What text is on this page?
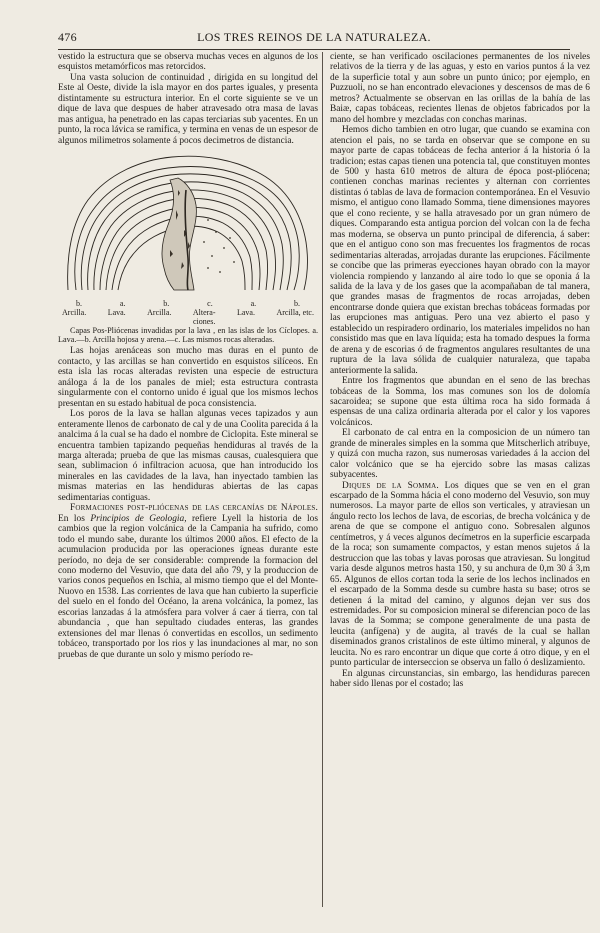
476	LOS TRES REINOS DE LA NATURALEZA.

vestido la estructura que se observa muchas veces en algunos de los esquistos metamórficos mas retorcidos.

Una vasta solucion de continuidad , dirigida en su longitud del Este al Oeste, divide la isla mayor en dos partes iguales, y presenta distintamente su estructura interior. En el corte siguiente se ve un dique de lava que despues de haber atravesado otra masa de lavas mas antigua, ha penetrado en las capas terciarias sub yacentes. En un punto, la roca lávica se ramifica, y termina en venas de un espesor de algunos milimetros solamente á pocos decimetros de distancia.

b.	a.	b.	c.	a.	b.
Arcilla.	Lava.	Arcilla.	Altera-
ciones.
Lava.	Arcilla, etc.

Capas Pos-Pliócenas invadidas por la lava , en las islas de los Cíclopes. a. Lava.—b. Arcilla hojosa y arena.—c. Las mismos rocas alteradas.

Las hojas arenáceas son mucho mas duras en el punto de contacto, y las arcillas se han convertido en esquistos silíceos. En esta isla las rocas alteradas revisten una especie de estructura análoga á la de los panales de miel; esta estructura contrasta singularmente con el contorno unido é igual que los mismos lechos presentan en su estado habitual de poca consistencia.

Los poros de la lava se hallan algunas veces tapizados y aun enteramente llenos de carbonato de cal y de una Coolita parecida á la analcima á la cual se ha dado el nombre de Ciclopita. Este mineral se encuentra tambien tapizando pequeñas hendiduras al través de la marga alterada; prueba de que las mismas causas, cualesquiera que sean, sublimacion ó infiltracion acuosa, que han introducido los minerales en las cavidades de la lava, han inyectado tambien las mismas materias en las hendiduras abiertas de las capas sedimentarias contiguas.

Formaciones post-pliócenas de las cercanías de Nápoles. En los Principios de Geologia, refiere Lyell la historia de los cambios que la region volcánica de la Campania ha sufrido, como todo el mundo sabe, durante los últimos 2000 años. El efecto de la acumulacion producida por las operaciones ígneas durante este período, no deja de ser considerable: comprende la formacion del cono moderno del Vesuvio, que data del año 79, y la produccion de varios conos pequeños en Ischia, al mismo tiempo que el del Monte-Nuovo en 1538. Las corrientes de lava que han cubierto la superficie del suelo en el fondo del Océano, la arena volcánica, la pomez, las escorias lanzadas á la atmósfera para volver á caer á tierra, con tal abundancia , que han sepultado ciudades enteras, las grandes extensiones del mar llenas ó convertidas en escollos, un sedimento tobáceo, transportado por los rios y las inundaciones al mar, no son pruebas de que durante un solo y mismo período re-

ciente, se han verificado oscilaciones permanentes de los niveles relativos de la tierra y de las aguas, y esto en varios puntos á la vez de la superficie total y aun sobre un punto único; por ejemplo, en Puzzuoli, no se han encontrado elevaciones y descensos de mas de 6 metros? Actualmente se observan en las orillas de la bahía de las Baiæ, capas tobáceas, recientes llenas de objetos fabricados por la mano del hombre y mezcladas con conchas marinas.

Hemos dicho tambien en otro lugar, que cuando se examina con atencion el pais, no se tarda en observar que se compone en su mayor parte de capas tobáceas de fecha anterior á la historia ó la tradicion; estas capas tienen una potencia tal, que constituyen montes de 500 y hasta 610 metros de altura de época post-pliócena; contienen conchas marinas recientes y alternan con corrientes distintas ó tablas de lava de formacion contemporánea. En el Vesuvio mismo, el antiguo cono llamado Somma, tiene dimensiones mayores que el cono reciente, y se halla atravesado por un gran número de diques. Comparando esta antigua porcion del volcan con la de fecha mas moderna, se observa un punto principal de diferencia, á saber: que en el antiguo cono son mas frecuentes los fragmentos de rocas sedimentarias alteradas, arrojadas durante las erupciones. Fácilmente se concibe que las primeras eyecciones hayan obrado con la mayor violencia rompiendo y lanzando al aire todo lo que se oponia á la salida de la lava y de los gases que la acompañaban de tal manera, que grandes masas de fragmentos de rocas arrojadas, deben encontrarse donde quiera que existan brechas tobáceas formadas por las erupciones mas antiguas. Pero una vez abierto el paso y establecido un respiradero ordinario, los materiales impelidos no han consistido mas que en lava líquida; esta ha tomado despues la forma de arena y de escorias ó de fragmentos angulares resultantes de una ruptura de la lava sólida de cualquier naturaleza, que tapaba anteriormente la salida.

Entre los fragmentos que abundan en el seno de las brechas tobáceas de la Somma, los mas comunes son los de dolomía sacaroidea; se supone que esta última roca ha sido formada á espensas de una caliza ordinaria alterada por el calor y los vapores volcánicos.

El carbonato de cal entra en la composicion de un número tan grande de minerales simples en la somma que Mitscherlich atribuye, y quizá con mucha razon, sus numerosas variedades á la accion del calor volcánico que se ha ejercido sobre las masas calizas subyacentes.

Diques de la Somma. Los diques que se ven en el gran escarpado de la Somma hácia el cono moderno del Vesuvio, son muy numerosos. La mayor parte de ellos son verticales, y atraviesan un ángulo recto los lechos de lava, de escorias, de brecha volcánica y de arena de que se compone el antiguo cono. Sobresalen algunos centímetros, y á veces algunos decímetros en la superficie escarpada de la roca; son sumamente compactos, y estan menos sujetos á la destruccion que las tobas y lavas porosas que atraviesan. Su longitud varia desde algunos metros hasta 150, y su anchura de 0,m 30 á 3,m 65. Algunos de ellos cortan toda la serie de los lechos inclinados en el escarpado de la Somma desde su cumbre hasta su base; otros se detienen á la mitad del camino, y algunos dejan ver sus dos estremidades. Por su composicion mineral se diferencian poco de las lavas de la Somma; se compone generalmente de una pasta de leucita (anfígena) y de augita, al través de la cual se hallan diseminados granos cristalinos de este último mineral, y algunos de leucita. No es raro encontrar un dique que corte á otro dique, y en el punto particular de interseccion se observa un fallo ó deslizamiento.

En algunas circunstancias, sin embargo, las hendiduras parecen haber sido llenas por el costado; las
